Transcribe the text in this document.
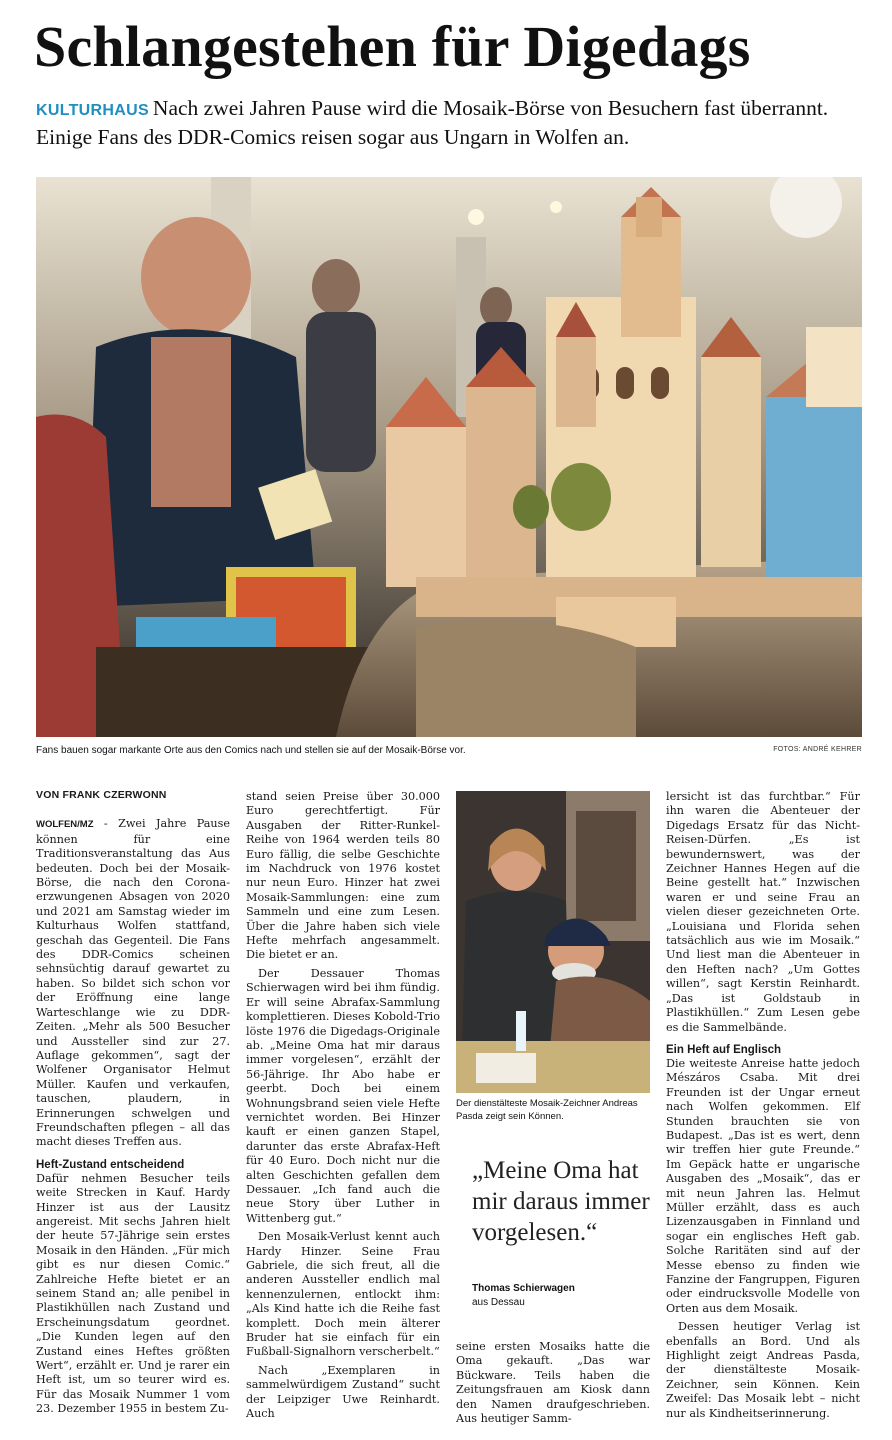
Schlangestehen für Digedags
KULTURHAUS Nach zwei Jahren Pause wird die Mosaik-Börse von Besuchern fast überrannt. Einige Fans des DDR-Comics reisen sogar aus Ungarn in Wolfen an.
Fans bauen sogar markante Orte aus den Comics nach und stellen sie auf der Mosaik-Börse vor.	FOTOS: ANDRÉ KEHRER
VON FRANK CZERWONN

WOLFEN/MZ - Zwei Jahre Pause können für eine Traditionsveranstaltung das Aus bedeuten. Doch bei der Mosaik-Börse, die nach den Corona-erzwungenen Absagen von 2020 und 2021 am Samstag wieder im Kulturhaus Wolfen stattfand, geschah das Gegenteil. Die Fans des DDR-Comics scheinen sehnsüchtig darauf gewartet zu haben. So bildet sich schon vor der Eröffnung eine lange Warteschlange wie zu DDR-Zeiten. „Mehr als 500 Besucher und Aussteller sind zur 27. Auflage gekommen“, sagt der Wolfener Organisator Helmut Müller. Kaufen und verkaufen, tauschen, plaudern, in Erinnerungen schwelgen und Freundschaften pflegen – all das macht dieses Treffen aus.

Heft-Zustand entscheidend

Dafür nehmen Besucher teils weite Strecken in Kauf. Hardy Hinzer ist aus der Lausitz angereist. Mit sechs Jahren hielt der heute 57-Jährige sein erstes Mosaik in den Händen. „Für mich gibt es nur diesen Comic.“ Zahlreiche Hefte bietet er an seinem Stand an; alle penibel in Plastikhüllen nach Zustand und Erscheinungsdatum geordnet. „Die Kunden legen auf den Zustand eines Heftes größten Wert“, erzählt er. Und je rarer ein Heft ist, um so teurer wird es. Für das Mosaik Nummer 1 vom 23. Dezember 1955 in bestem Zu-

stand seien Preise über 30.000 Euro gerechtfertigt. Für Ausgaben der Ritter-Runkel-Reihe von 1964 werden teils 80 Euro fällig, die selbe Geschichte im Nachdruck von 1976 kostet nur neun Euro. Hinzer hat zwei Mosaik-Sammlungen: eine zum Sammeln und eine zum Lesen. Über die Jahre haben sich viele Hefte mehrfach angesammelt. Die bietet er an.

Der Dessauer Thomas Schierwagen wird bei ihm fündig. Er will seine Abrafax-Sammlung komplettieren. Dieses Kobold-Trio löste 1976 die Digedags-Originale ab. „Meine Oma hat mir daraus immer vorgelesen“, erzählt der 56-Jährige. Ihr Abo habe er geerbt. Doch bei einem Wohnungsbrand seien viele Hefte vernichtet worden. Bei Hinzer kauft er einen ganzen Stapel, darunter das erste Abrafax-Heft für 40 Euro. Doch nicht nur die alten Geschichten gefallen dem Dessauer. „Ich fand auch die neue Story über Luther in Wittenberg gut.“

Den Mosaik-Verlust kennt auch Hardy Hinzer. Seine Frau Gabriele, die sich freut, all die anderen Aussteller endlich mal kennenzulernen, entlockt ihm: „Als Kind hatte ich die Reihe fast komplett. Doch mein älterer Bruder hat sie einfach für ein Fußball-Signalhorn verscherbelt.“

Nach „Exemplaren in sammelwürdigem Zustand“ sucht der Leipziger Uwe Reinhardt. Auch

Der dienstälteste Mosaik-Zeichner Andreas Pasda zeigt sein Können.
„Meine Oma hat mir daraus immer vorgelesen.“
Thomas Schierwagen
aus Dessau
seine ersten Mosaiks hatte die Oma gekauft. „Das war Bückware. Teils haben die Zeitungsfrauen am Kiosk dann den Namen draufgeschrieben. Aus heutiger Samm-

lersicht ist das furchtbar.“ Für ihn waren die Abenteuer der Digedags Ersatz für das Nicht-Reisen-Dürfen. „Es ist bewundernswert, was der Zeichner Hannes Hegen auf die Beine gestellt hat.“ Inzwischen waren er und seine Frau an vielen dieser gezeichneten Orte. „Louisiana und Florida sehen tatsächlich aus wie im Mosaik.“ Und liest man die Abenteuer in den Heften nach? „Um Gottes willen“, sagt Kerstin Reinhardt. „Das ist Goldstaub in Plastikhüllen.“ Zum Lesen gebe es die Sammelbände.

Ein Heft auf Englisch

Die weiteste Anreise hatte jedoch Mészáros Csaba. Mit drei Freunden ist der Ungar erneut nach Wolfen gekommen. Elf Stunden brauchten sie von Budapest. „Das ist es wert, denn wir treffen hier gute Freunde.“ Im Gepäck hatte er ungarische Ausgaben des „Mosaik“, das er mit neun Jahren las. Helmut Müller erzählt, dass es auch Lizenzausgaben in Finnland und sogar ein englisches Heft gab. Solche Raritäten sind auf der Messe ebenso zu finden wie Fanzine der Fangruppen, Figuren oder eindrucksvolle Modelle von Orten aus dem Mosaik.

Dessen heutiger Verlag ist ebenfalls an Bord. Und als Highlight zeigt Andreas Pasda, der dienstälteste Mosaik-Zeichner, sein Können. Kein Zweifel: Das Mosaik lebt – nicht nur als Kindheitserinnerung.
